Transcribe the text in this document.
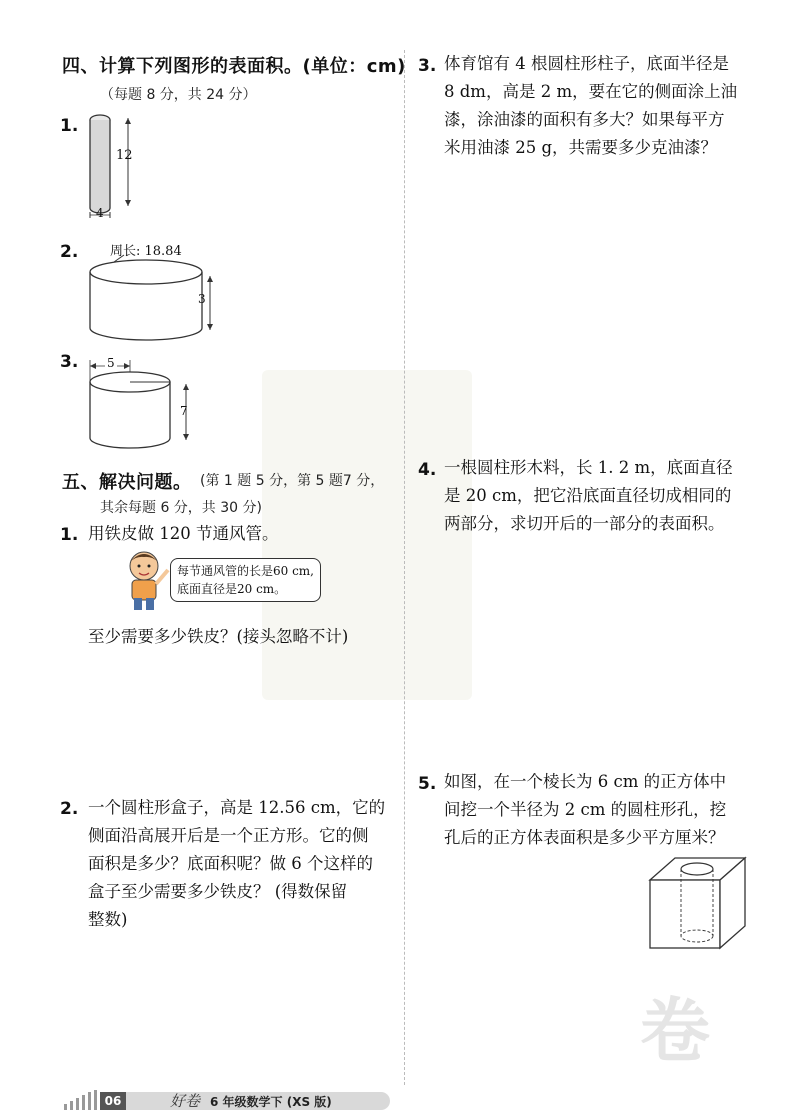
卷
四、计算下列图形的表面积。(单位：cm)
（每题 8 分，共 24 分）
1.
12
4
2. 周长: 18.84
3
3. 5
7
五、解决问题。 (第 1 题 5 分，第 5 题7 分，
其余每题 6 分，共 30 分)
1. 用铁皮做 120 节通风管。
每节通风管的长是60 cm,
底面直径是20 cm。
至少需要多少铁皮？(接头忽略不计)
2. 一个圆柱形盒子，高是 12.56 cm，它的
侧面沿高展开后是一个正方形。它的侧
面积是多少？底面积呢？做 6 个这样的
盒子至少需要多少铁皮？ (得数保留
整数)
3. 体育馆有 4 根圆柱形柱子，底面半径是
8 dm，高是 2 m，要在它的侧面涂上油
漆，涂油漆的面积有多大？如果每平方
米用油漆 25 g，共需要多少克油漆？
4. 一根圆柱形木料，长 1. 2 m，底面直径
是 20 cm，把它沿底面直径切成相同的
两部分，求切开后的一部分的表面积。
5. 如图，在一个棱长为 6 cm 的正方体中
间挖一个半径为 2 cm 的圆柱形孔，挖
孔后的正方体表面积是多少平方厘米？
06	好卷 6 年级数学下 (XS 版)
